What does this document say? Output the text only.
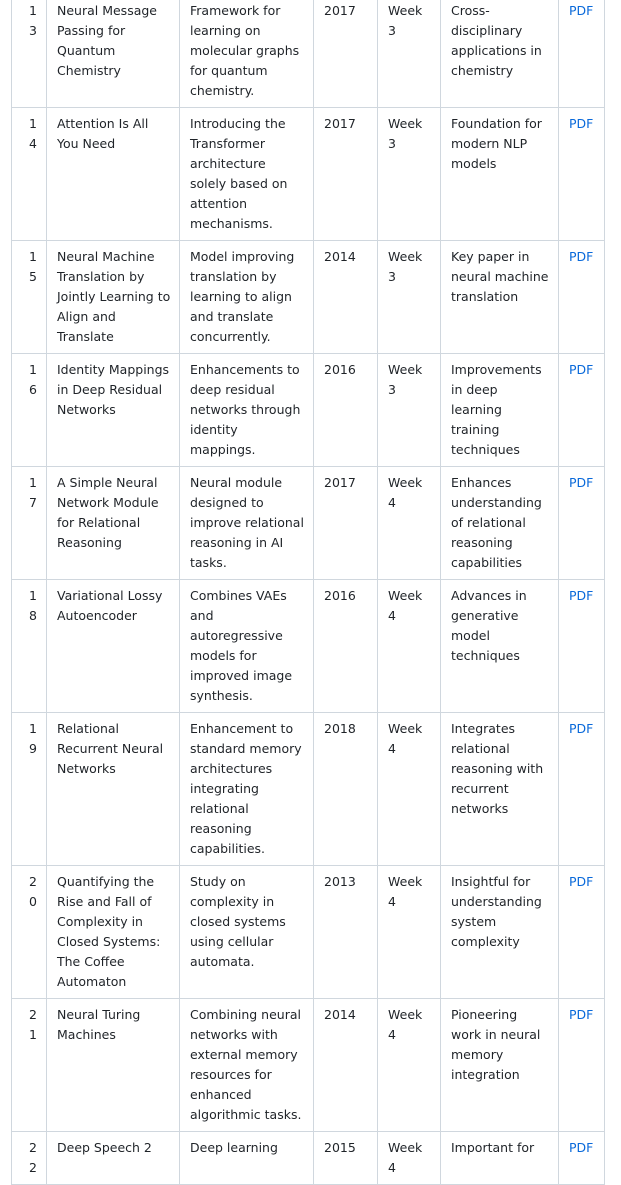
13	Neural Message Passing for Quantum Chemistry	Framework for learning on molecular graphs for quantum chemistry.	2017	Week 3	Cross-disciplinary applications in chemistry	PDF
14	Attention Is All You Need	Introducing the Transformer architecture solely based on attention mechanisms.	2017	Week 3	Foundation for modern NLP models	PDF
15	Neural Machine Translation by Jointly Learning to Align and Translate	Model improving translation by learning to align and translate concurrently.	2014	Week 3	Key paper in neural machine translation	PDF
16	Identity Mappings in Deep Residual Networks	Enhancements to deep residual networks through identity mappings.	2016	Week 3	Improvements in deep learning training techniques	PDF
17	A Simple Neural Network Module for Relational Reasoning	Neural module designed to improve relational reasoning in AI tasks.	2017	Week 4	Enhances understanding of relational reasoning capabilities	PDF
18	Variational Lossy Autoencoder	Combines VAEs and autoregressive models for improved image synthesis.	2016	Week 4	Advances in generative model techniques	PDF
19	Relational Recurrent Neural Networks	Enhancement to standard memory architectures integrating relational reasoning capabilities.	2018	Week 4	Integrates relational reasoning with recurrent networks	PDF
20	Quantifying the Rise and Fall of Complexity in Closed Systems: The Coffee Automaton	Study on complexity in closed systems using cellular automata.	2013	Week 4	Insightful for understanding system complexity	PDF
21	Neural Turing Machines	Combining neural networks with external memory resources for enhanced algorithmic tasks.	2014	Week 4	Pioneering work in neural memory integration	PDF
22	Deep Speech 2	Deep learning	2015	Week 4	Important for	PDF
